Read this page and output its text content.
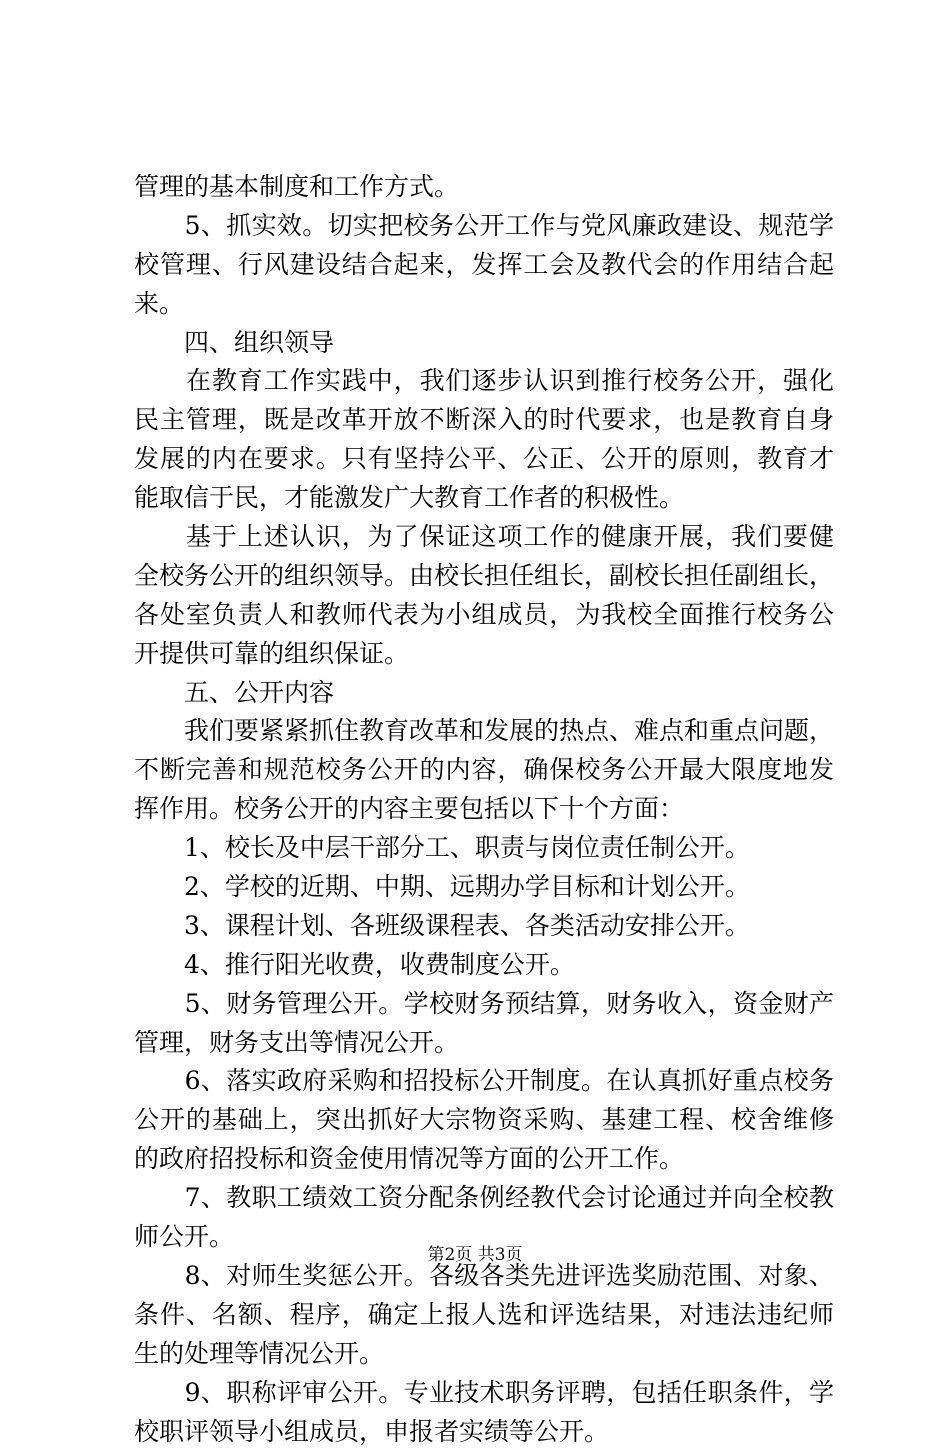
管理的基本制度和工作方式。
　　5、抓实效。切实把校务公开工作与党风廉政建设、规范学
校管理、行风建设结合起来，发挥工会及教代会的作用结合起
来。
　　四、组织领导
　　在教育工作实践中，我们逐步认识到推行校务公开，强化
民主管理，既是改革开放不断深入的时代要求，也是教育自身
发展的内在要求。只有坚持公平、公正、公开的原则，教育才
能取信于民，才能激发广大教育工作者的积极性。
　　基于上述认识，为了保证这项工作的健康开展，我们要健
全校务公开的组织领导。由校长担任组长，副校长担任副组长，
各处室负责人和教师代表为小组成员，为我校全面推行校务公
开提供可靠的组织保证。
　　五、公开内容
　　我们要紧紧抓住教育改革和发展的热点、难点和重点问题，
不断完善和规范校务公开的内容，确保校务公开最大限度地发
挥作用。校务公开的内容主要包括以下十个方面：
　　1、校长及中层干部分工、职责与岗位责任制公开。
　　2、学校的近期、中期、远期办学目标和计划公开。
　　3、课程计划、各班级课程表、各类活动安排公开。
　　4、推行阳光收费，收费制度公开。
　　5、财务管理公开。学校财务预结算，财务收入，资金财产
管理，财务支出等情况公开。
　　6、落实政府采购和招投标公开制度。在认真抓好重点校务
公开的基础上，突出抓好大宗物资采购、基建工程、校舍维修
的政府招投标和资金使用情况等方面的公开工作。
　　7、教职工绩效工资分配条例经教代会讨论通过并向全校教
师公开。
　　8、对师生奖惩公开。各级各类先进评选奖励范围、对象、
条件、名额、程序，确定上报人选和评选结果，对违法违纪师
生的处理等情况公开。
　　9、职称评审公开。专业技术职务评聘，包括任职条件，学
校职评领导小组成员，申报者实绩等公开。
第2页 共3页
